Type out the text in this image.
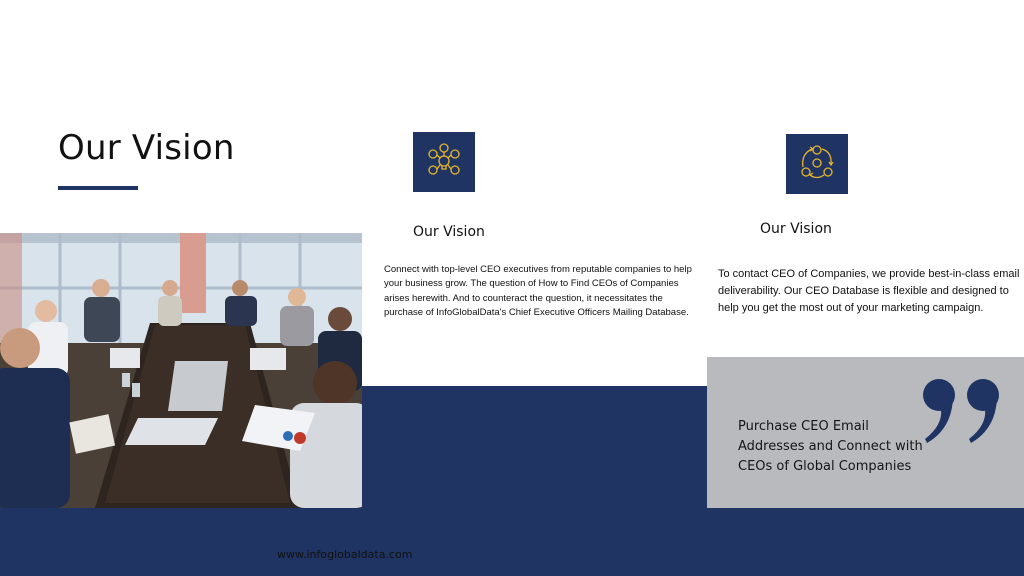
Our Vision
Our Vision
Connect with top-level CEO executives from reputable companies to help your business grow. The question of How to Find CEOs of Companies arises herewith. And to counteract the question, it necessitates the purchase of InfoGlobalData's Chief Executive Officers Mailing Database.
Our Vision
To contact CEO of Companies, we provide best-in-class email deliverability. Our CEO Database is flexible and designed to help you get the most out of your marketing campaign.
Purchase CEO Email Addresses and Connect with CEOs of Global Companies
www.infoglobaldata.com
